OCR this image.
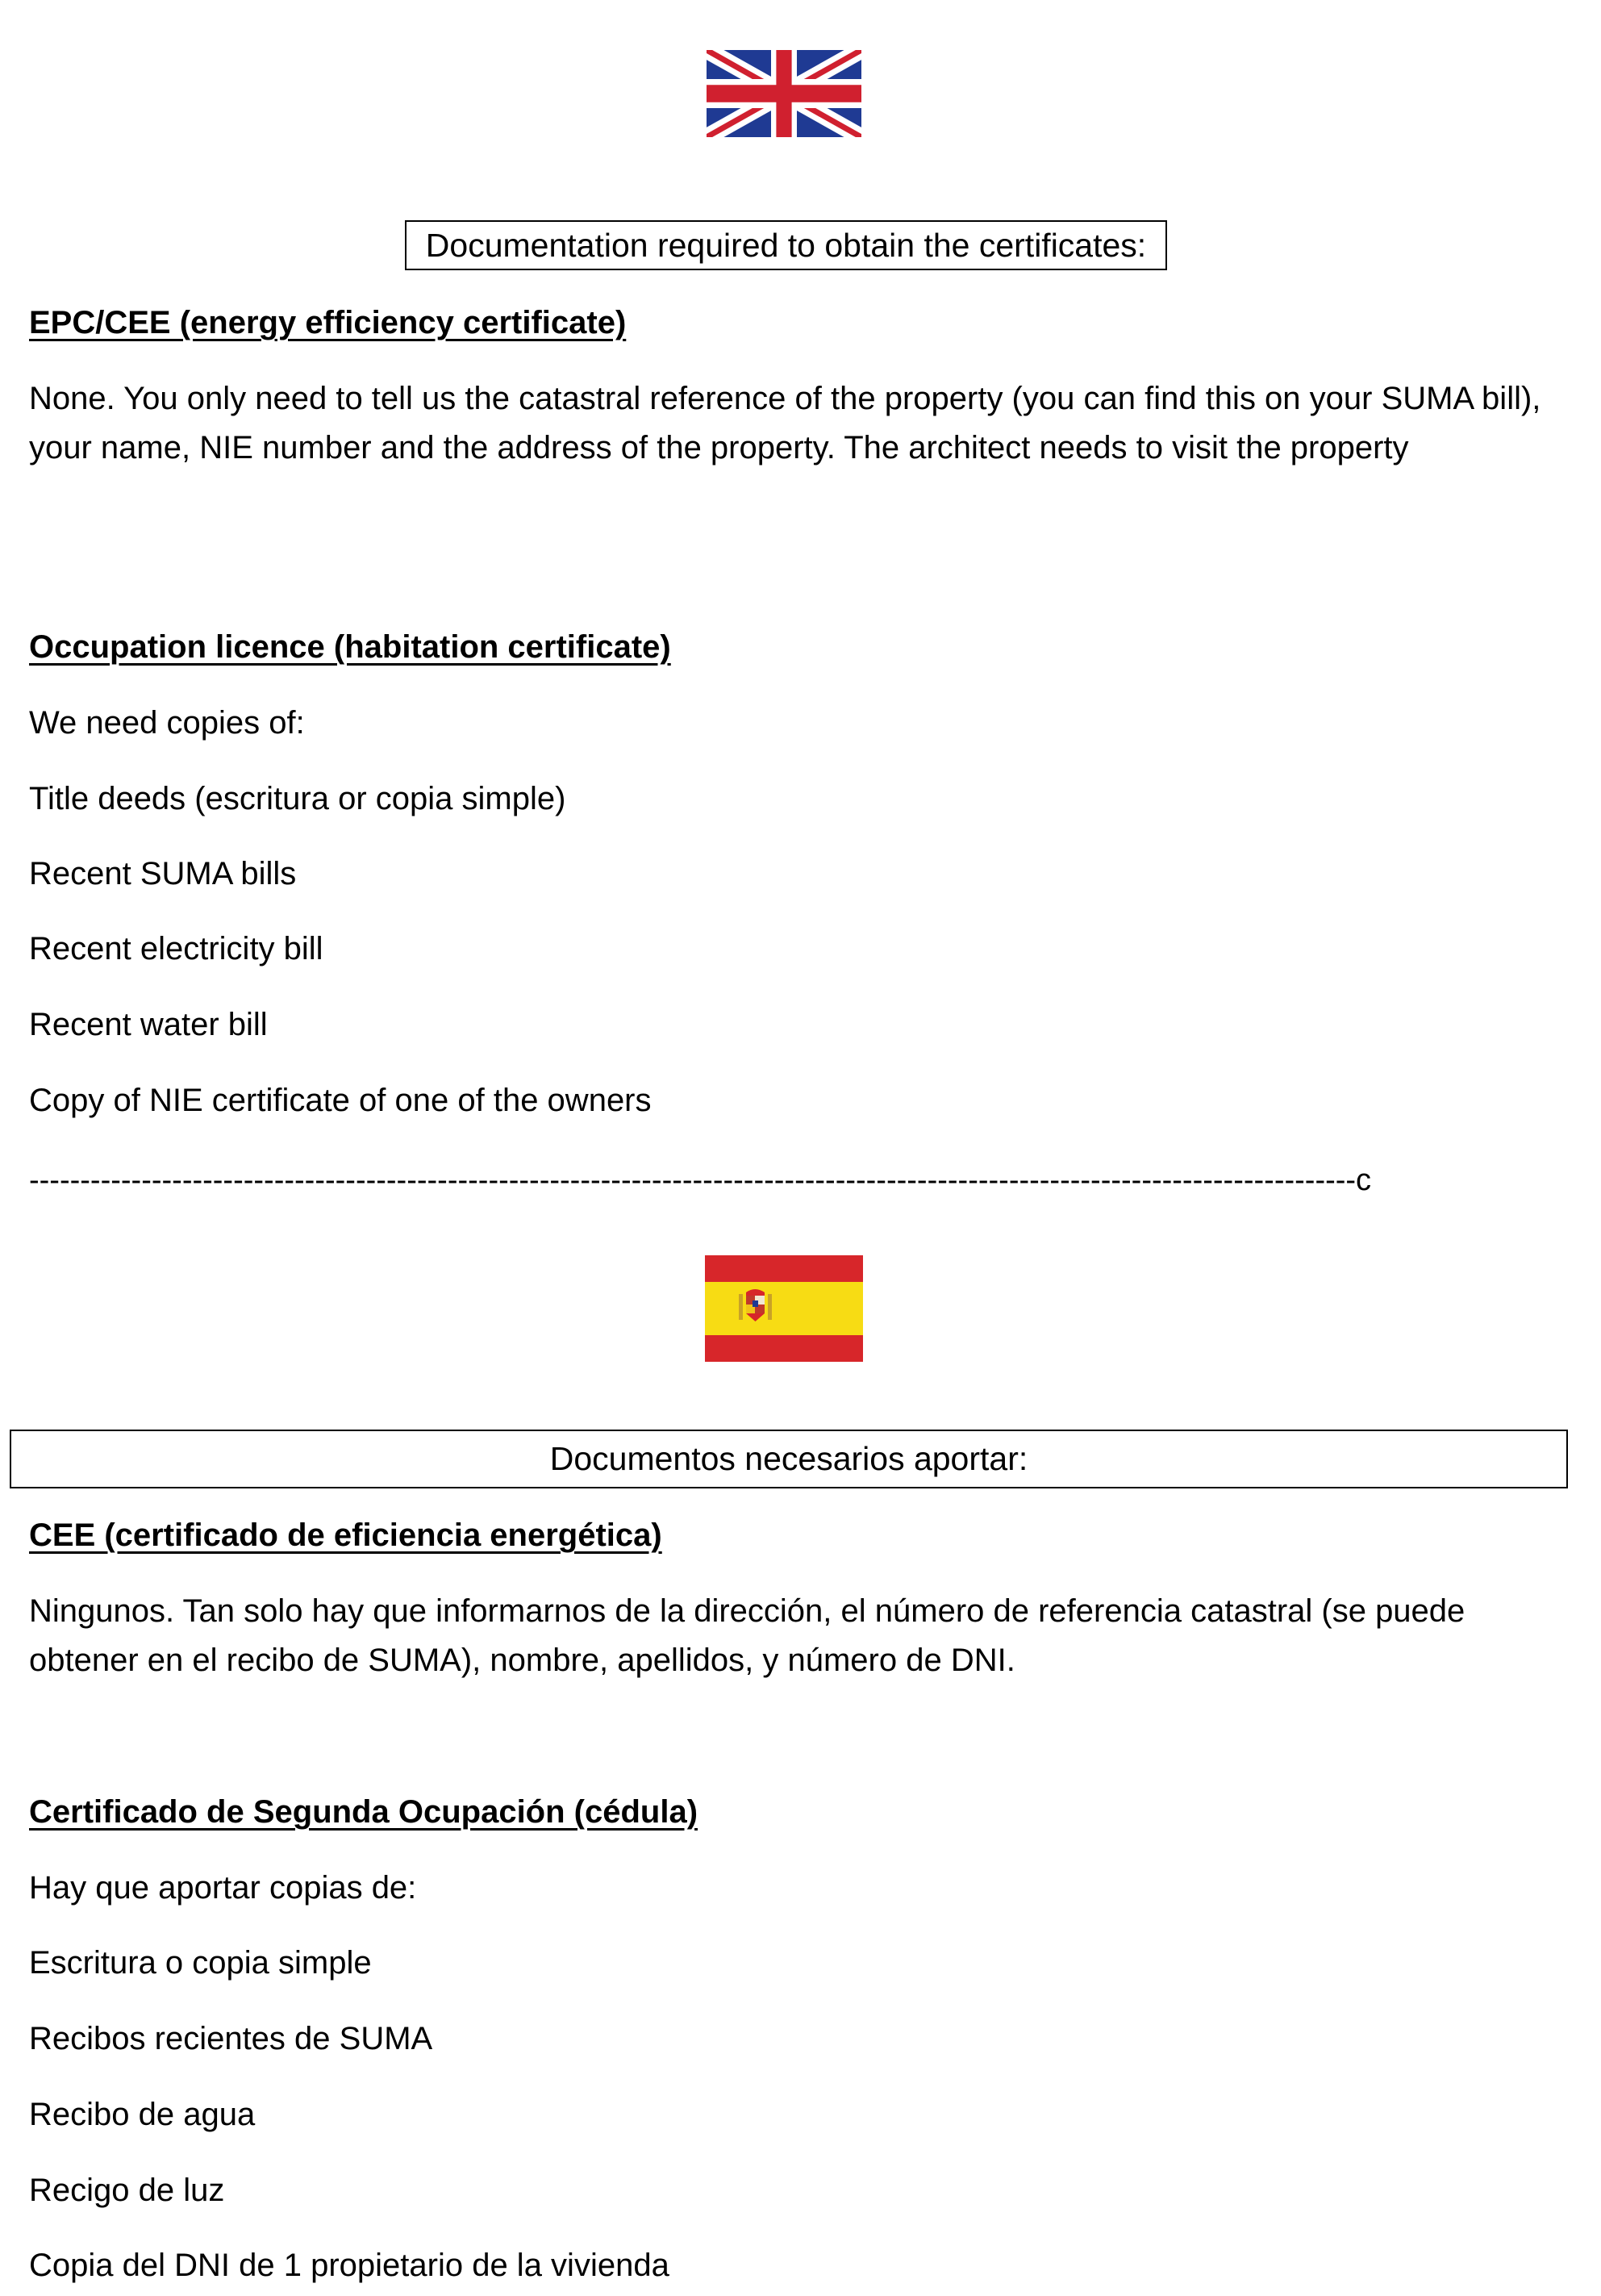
Documentation required to obtain the certificates:
EPC/CEE (energy efficiency certificate)
None. You only need to tell us the catastral reference of the property (you can find this on your SUMA bill), your name, NIE number and the address of the property. The architect needs to visit the property
Occupation licence (habitation certificate)
We need copies of:
Title deeds (escritura or copia simple)
Recent SUMA bills
Recent electricity bill
Recent water bill
Copy of NIE certificate of one of the owners
----------------------------------------------------------------------------------------------------------------------------------c
Documentos necesarios aportar:
CEE (certificado de eficiencia energética)
Ningunos. Tan solo hay que informarnos de la dirección, el número de referencia catastral (se puede obtener en el recibo de SUMA), nombre, apellidos, y número de DNI.
Certificado de Segunda Ocupación (cédula)
Hay que aportar copias de:
Escritura o copia simple
Recibos recientes de SUMA
Recibo de agua
Recigo de luz
Copia del DNI de 1 propietario de la vivienda
